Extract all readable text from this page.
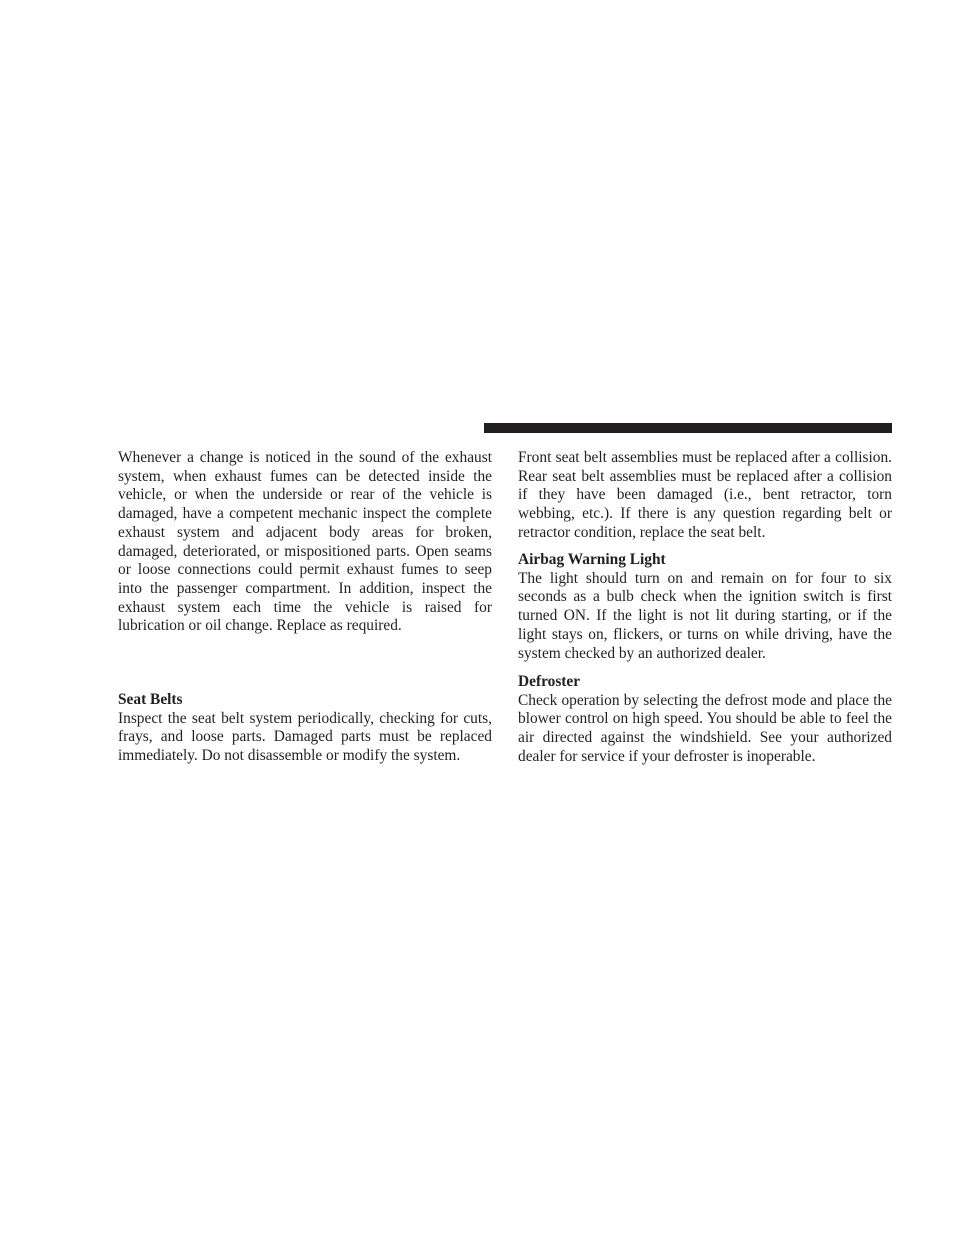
Whenever a change is noticed in the sound of the exhaust system, when exhaust fumes can be detected inside the vehicle, or when the underside or rear of the vehicle is damaged, have a competent mechanic inspect the complete exhaust system and adjacent body areas for broken, damaged, deteriorated, or mispositioned parts. Open seams or loose connections could permit exhaust fumes to seep into the passenger compartment. In addition, inspect the exhaust system each time the vehicle is raised for lubrication or oil change. Replace as required.

Seat Belts

Inspect the seat belt system periodically, checking for cuts, frays, and loose parts. Damaged parts must be replaced immediately. Do not disassemble or modify the system.

Front seat belt assemblies must be replaced after a collision. Rear seat belt assemblies must be replaced after a collision if they have been damaged (i.e., bent retractor, torn webbing, etc.). If there is any question regarding belt or retractor condition, replace the seat belt.

Airbag Warning Light

The light should turn on and remain on for four to six seconds as a bulb check when the ignition switch is first turned ON. If the light is not lit during starting, or if the light stays on, flickers, or turns on while driving, have the system checked by an authorized dealer.

Defroster

Check operation by selecting the defrost mode and place the blower control on high speed. You should be able to feel the air directed against the windshield. See your authorized dealer for service if your defroster is inoperable.
